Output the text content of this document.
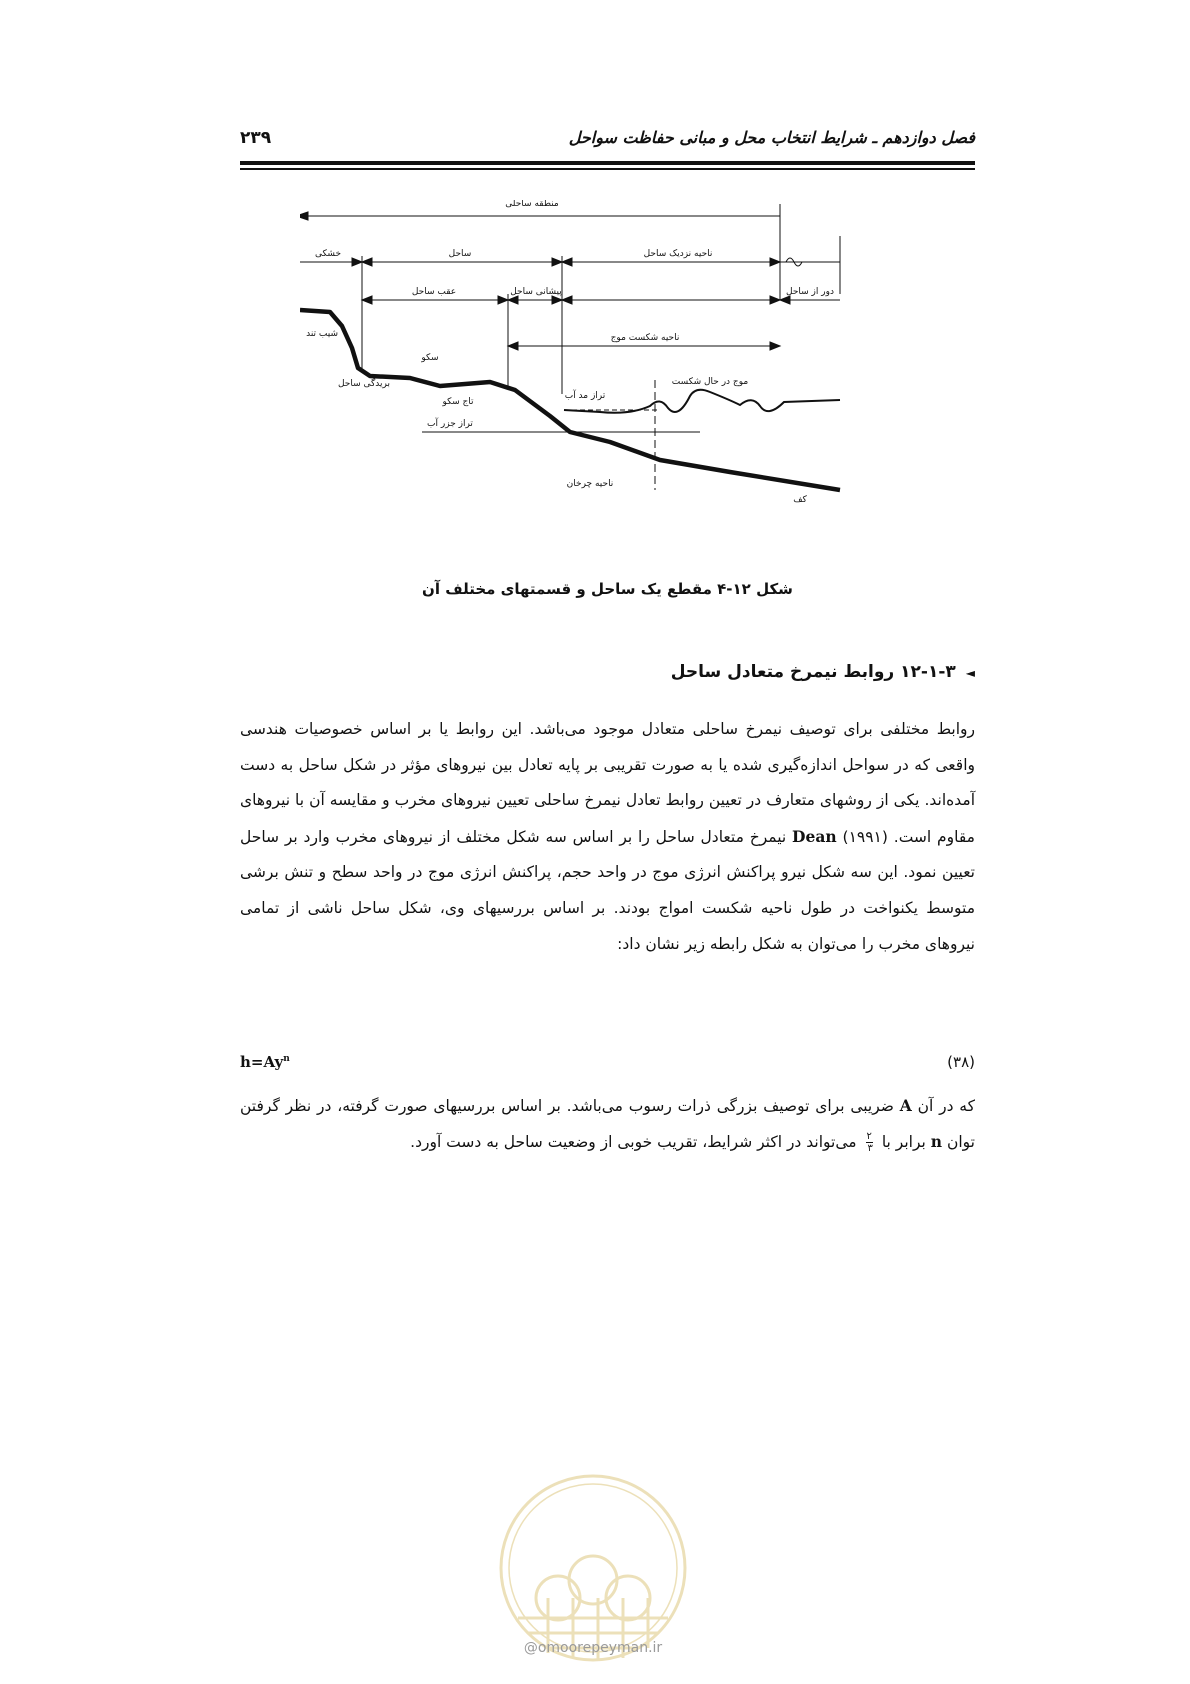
فصل دوازدهم ـ شرایط انتخاب محل و مبانی حفاظت سواحل
۲۳۹
منطقه ساحلی
خشکی	ساحل	ناحیه نزدیک ساحل
عقب ساحل	پیشانی ساحل	دور از ساحل
ناحیه شکست موج
شیب تند
سکو
بریدگی ساحل
تاج سکو
تراز مد آب
تراز جزر آب
موج در حال شکست
ناحیه چرخان
کف
شکل ۱۲-۴ مقطع یک ساحل و قسمتهای مختلف آن
◄۱۲-۱-۳ روابط نیمرخ متعادل ساحل
روابط مختلفی برای توصیف نیمرخ ساحلی متعادل موجود می‌باشد. این روابط یا بر اساس خصوصیات هندسی واقعی که در سواحل اندازه‌گیری شده یا به صورت تقریبی بر پایه تعادل بین نیروهای مؤثر در شکل ساحل به دست آمده‌اند. یکی از روشهای متعارف در تعیین روابط تعادل نیمرخ ساحلی تعیین نیروهای مخرب و مقایسه آن با نیروهای مقاوم است. Dean (۱۹۹۱) نیمرخ متعادل ساحل را بر اساس سه شکل مختلف از نیروهای مخرب وارد بر ساحل تعیین نمود. این سه شکل نیرو پراکنش انرژی موج در واحد حجم، پراکنش انرژی موج در واحد سطح و تنش برشی متوسط یکنواخت در طول ناحیه شکست امواج بودند. بر اساس بررسیهای وی، شکل ساحل ناشی از تمامی نیروهای مخرب را می‌توان به شکل رابطه زیر نشان داد:
$h=Ay^n$	(۳۸)
که در آن A ضریبی برای توصیف بزرگی ذرات رسوب می‌باشد. بر اساس بررسیهای صورت گرفته، در نظر گرفتن توان n برابر با
$\frac{۲}{۳}$
می‌تواند در اکثر شرایط، تقریب خوبی از وضعیت ساحل به دست آورد.
@omoorepeyman.ir
